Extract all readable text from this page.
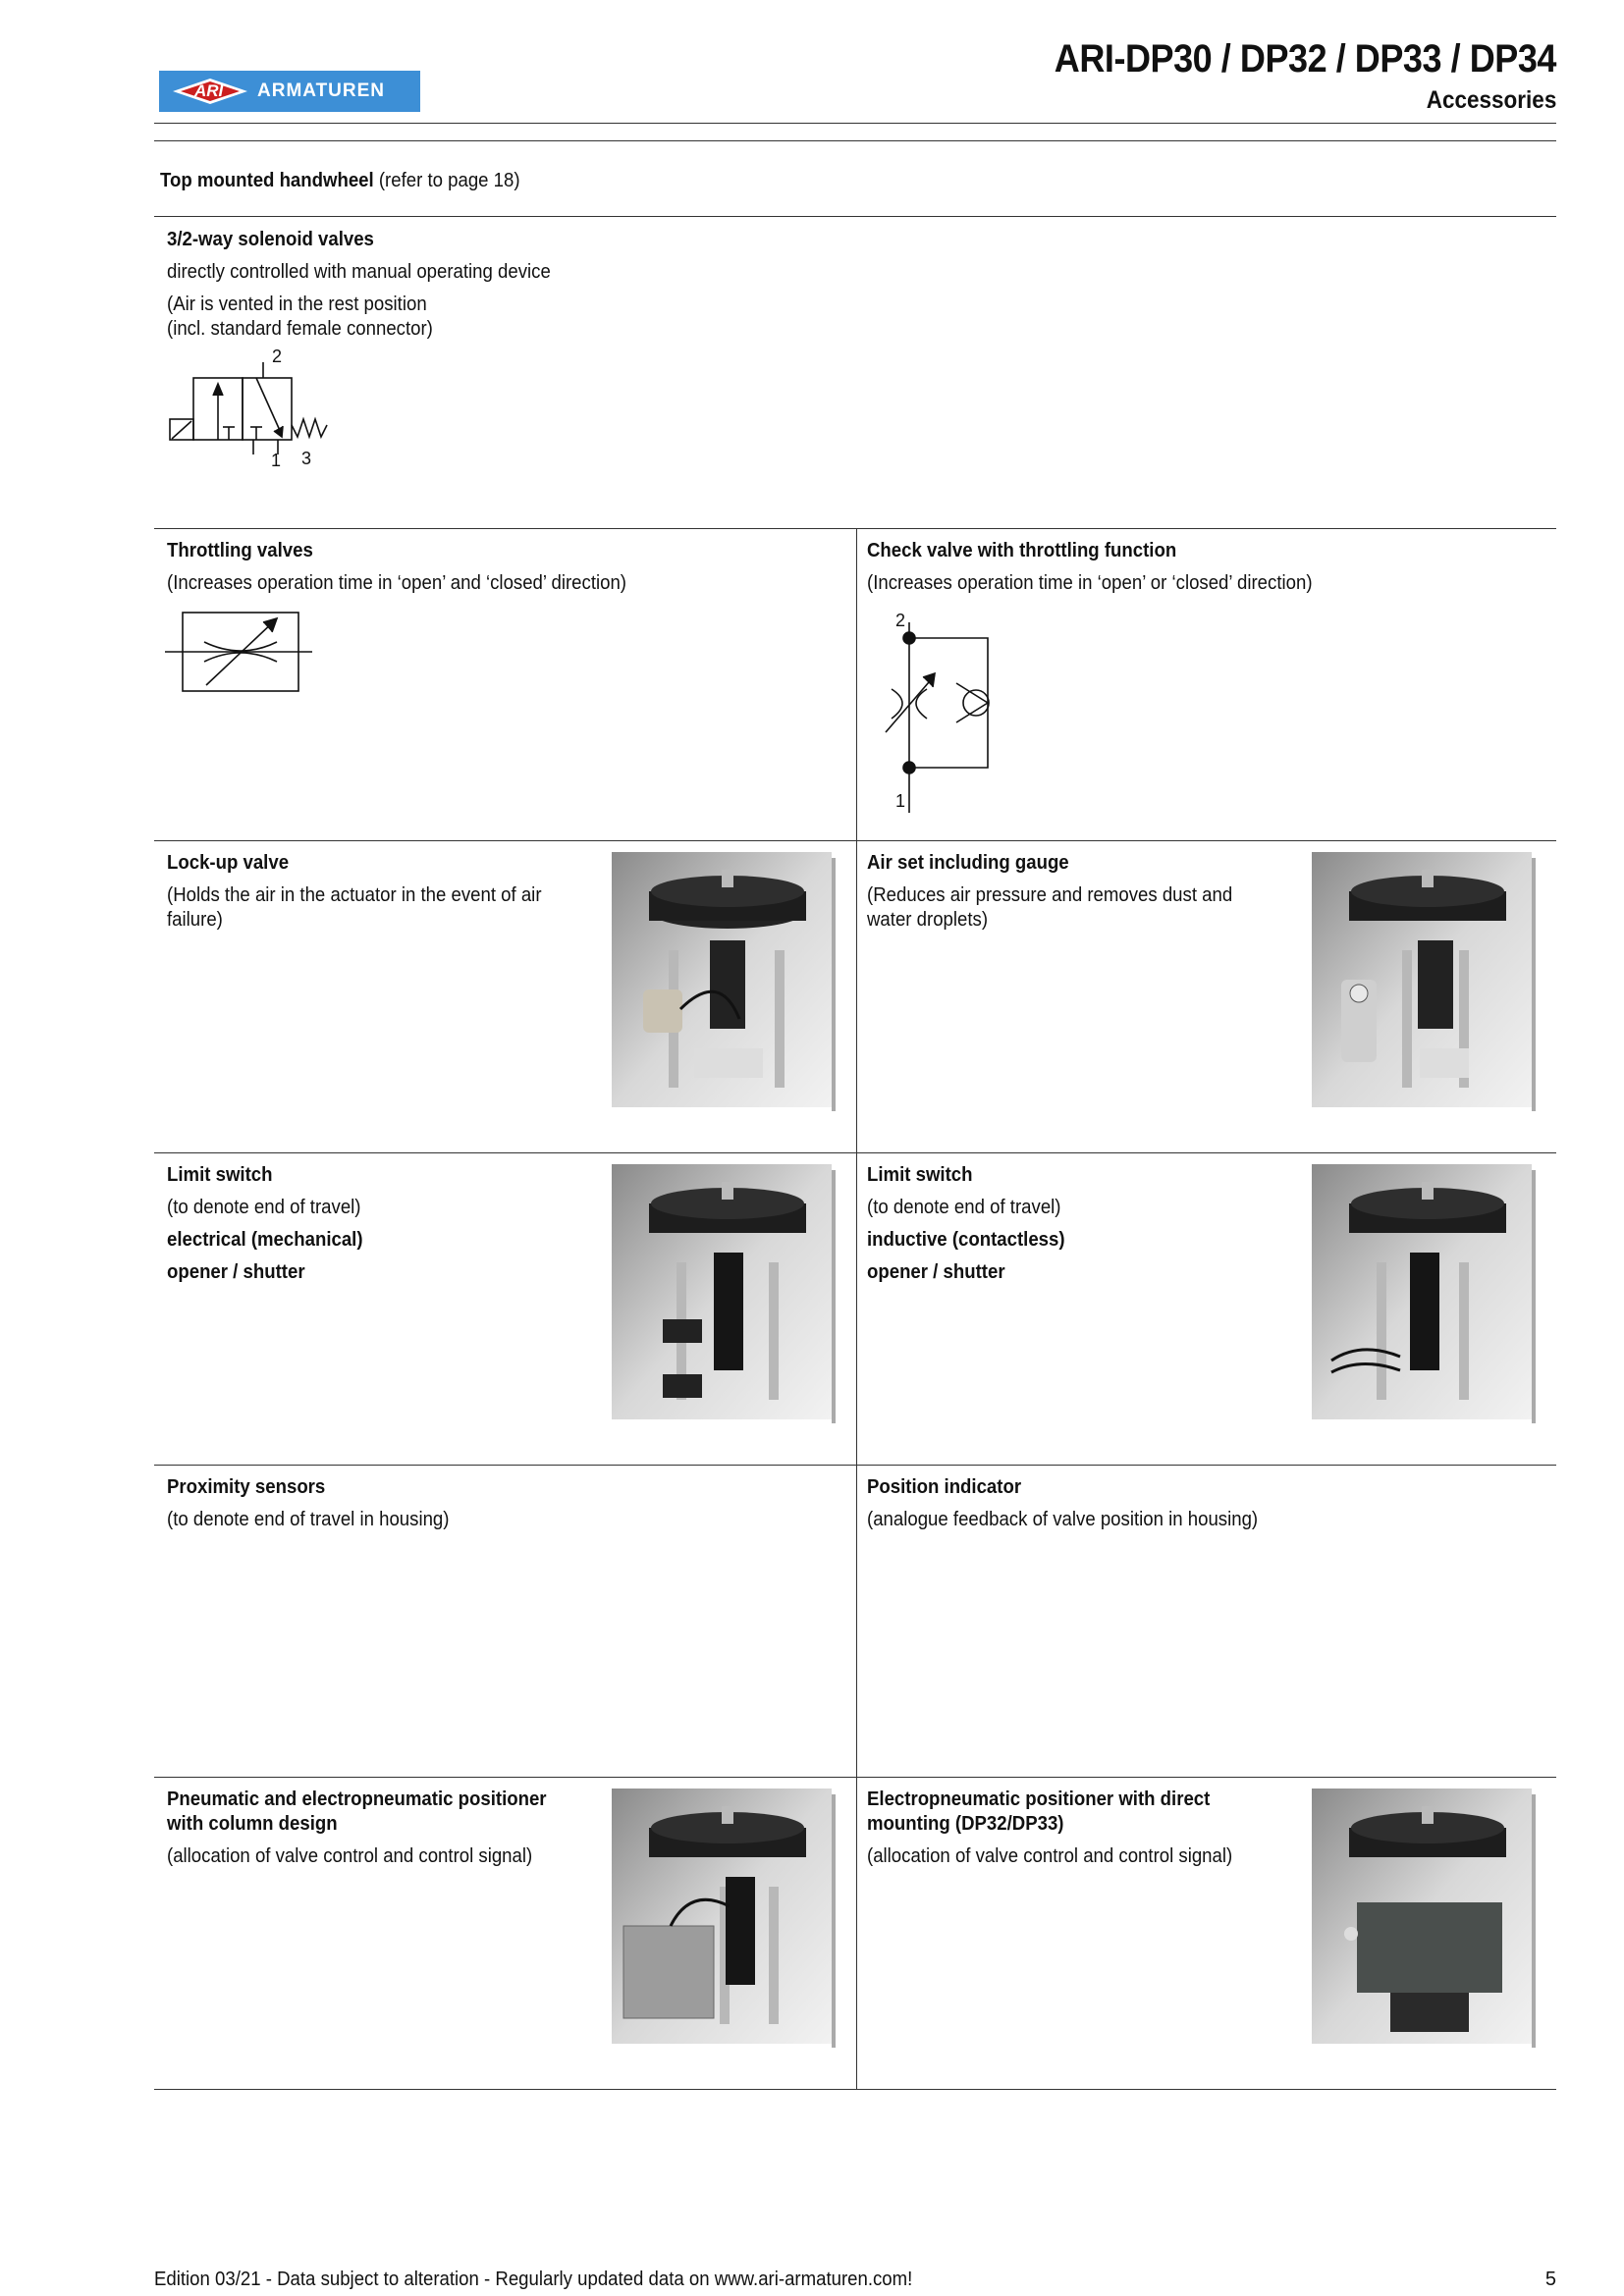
ARI ARMATUREN
ARI-DP30 / DP32 / DP33 / DP34
Accessories
Top mounted handwheel (refer to page 18)
3/2-way solenoid valves
directly controlled with manual operating device
(Air is vented in the rest position
(incl. standard female connector)
2
1 3
Throttling valves
(Increases operation time in ‘open’ and ‘closed’ direction)
Check valve with throttling function
(Increases operation time in ‘open’ or ‘closed’ direction)
2
1
Lock-up valve
(Holds the air in the actuator in the event of air
failure)
Air set including gauge
(Reduces air pressure and removes dust and
water droplets)
Limit switch
(to denote end of travel)
electrical (mechanical)
opener / shutter
Limit switch
(to denote end of travel)
inductive (contactless)
opener / shutter
Proximity sensors
(to denote end of travel in housing)
Position indicator
(analogue feedback of valve position in housing)
Pneumatic and electropneumatic positioner
with column design
(allocation of valve control and control signal)
Electropneumatic positioner with direct
mounting (DP32/DP33)
(allocation of valve control and control signal)
Edition 03/21 - Data subject to alteration - Regularly updated data on www.ari-armaturen.com!	5
